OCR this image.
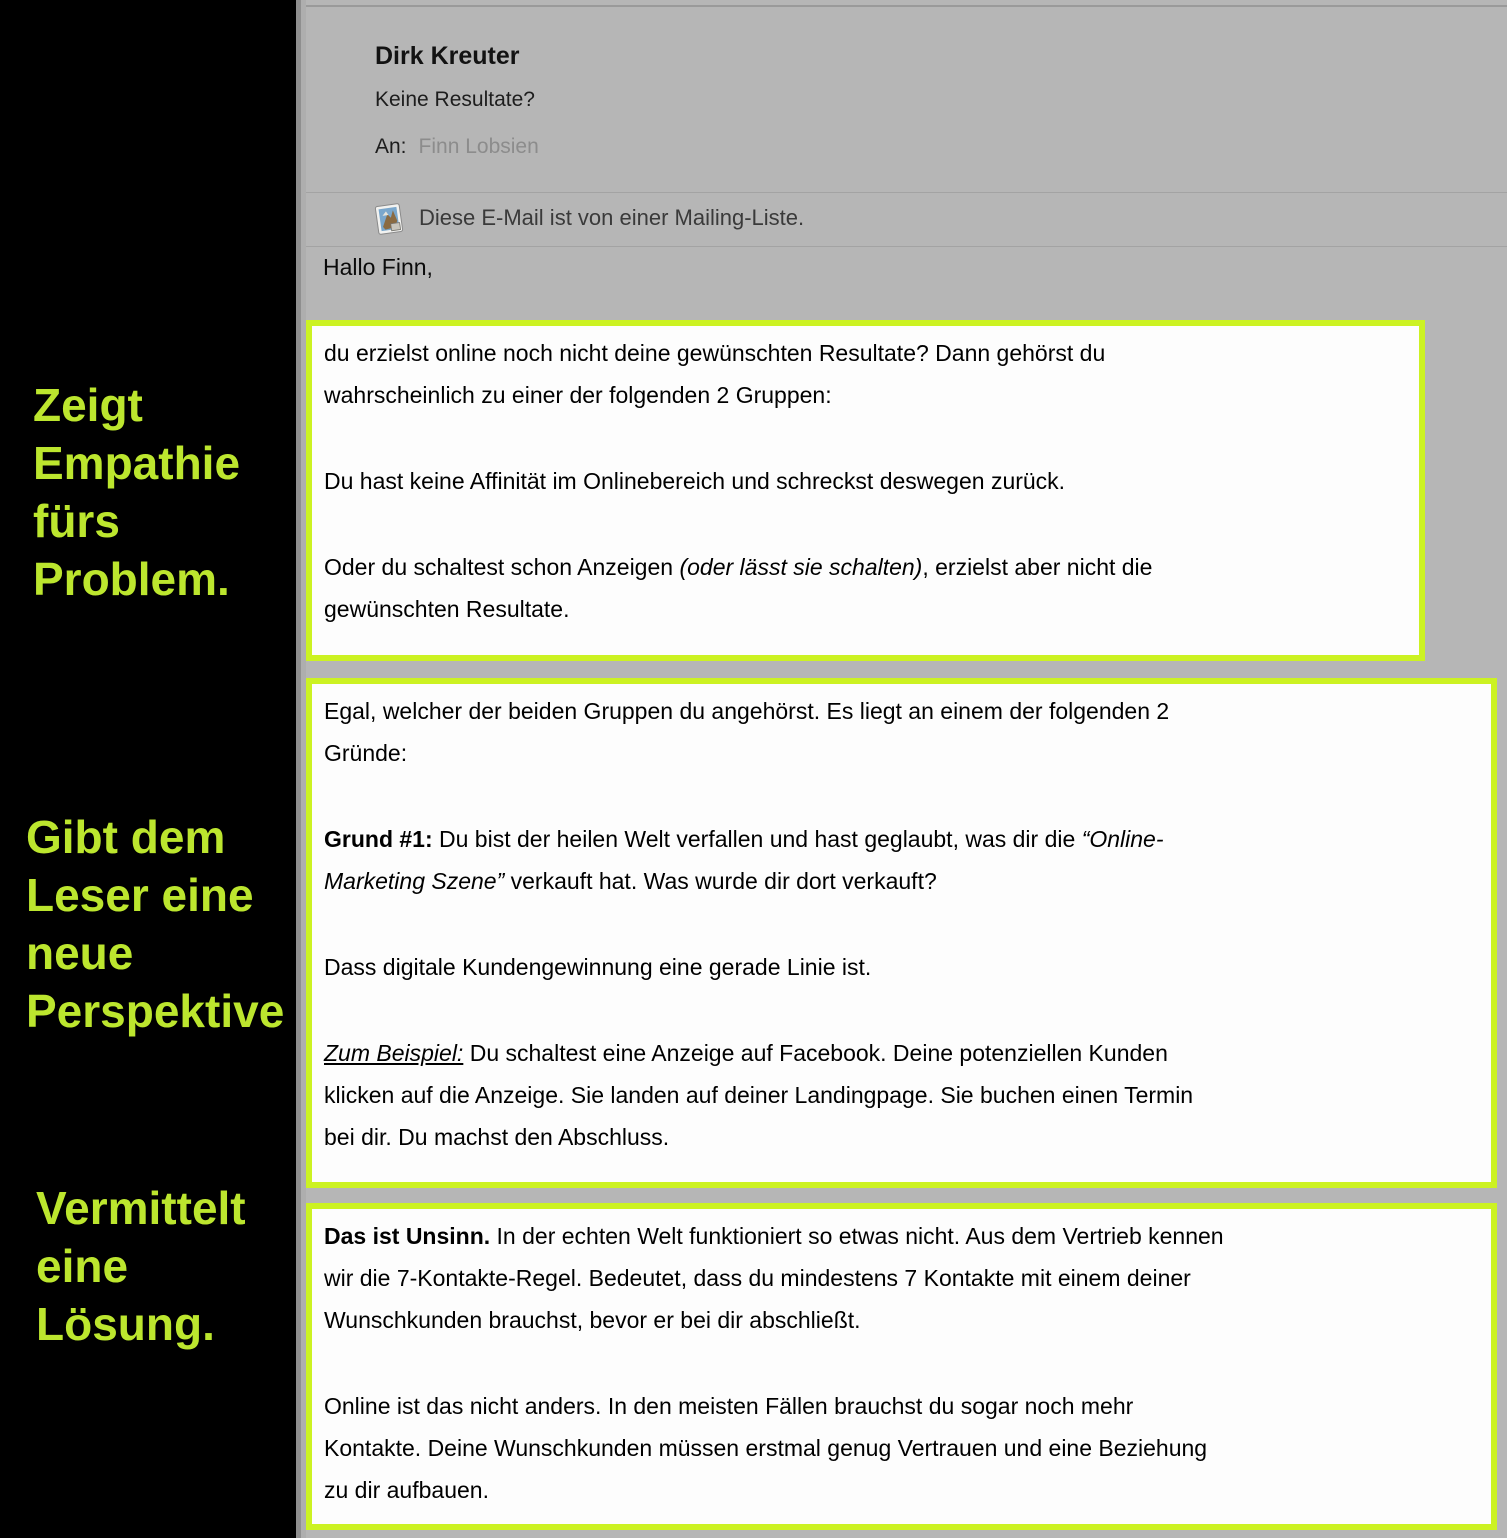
Zeigt
Empathie
fürs
Problem.
Gibt dem
Leser eine
neue
Perspektive
Vermittelt
eine
Lösung.
Dirk Kreuter
Keine Resultate?
An: Finn Lobsien
Diese E-Mail ist von einer Mailing-Liste.
Hallo Finn,

du erzielst online noch nicht deine gewünschten Resultate? Dann gehörst du
wahrscheinlich zu einer der folgenden 2 Gruppen:

Du hast keine Affinität im Onlinebereich und schreckst deswegen zurück.

Oder du schaltest schon Anzeigen (oder lässt sie schalten), erzielst aber nicht die
gewünschten Resultate.

Egal, welcher der beiden Gruppen du angehörst. Es liegt an einem der folgenden 2
Gründe:

Grund #1: Du bist der heilen Welt verfallen und hast geglaubt, was dir die “Online-
Marketing Szene” verkauft hat. Was wurde dir dort verkauft?

Dass digitale Kundengewinnung eine gerade Linie ist.

Zum Beispiel: Du schaltest eine Anzeige auf Facebook. Deine potenziellen Kunden
klicken auf die Anzeige. Sie landen auf deiner Landingpage. Sie buchen einen Termin
bei dir. Du machst den Abschluss.

Das ist Unsinn. In der echten Welt funktioniert so etwas nicht. Aus dem Vertrieb kennen
wir die 7-Kontakte-Regel. Bedeutet, dass du mindestens 7 Kontakte mit einem deiner
Wunschkunden brauchst, bevor er bei dir abschließt.

Online ist das nicht anders. In den meisten Fällen brauchst du sogar noch mehr
Kontakte. Deine Wunschkunden müssen erstmal genug Vertrauen und eine Beziehung
zu dir aufbauen.
